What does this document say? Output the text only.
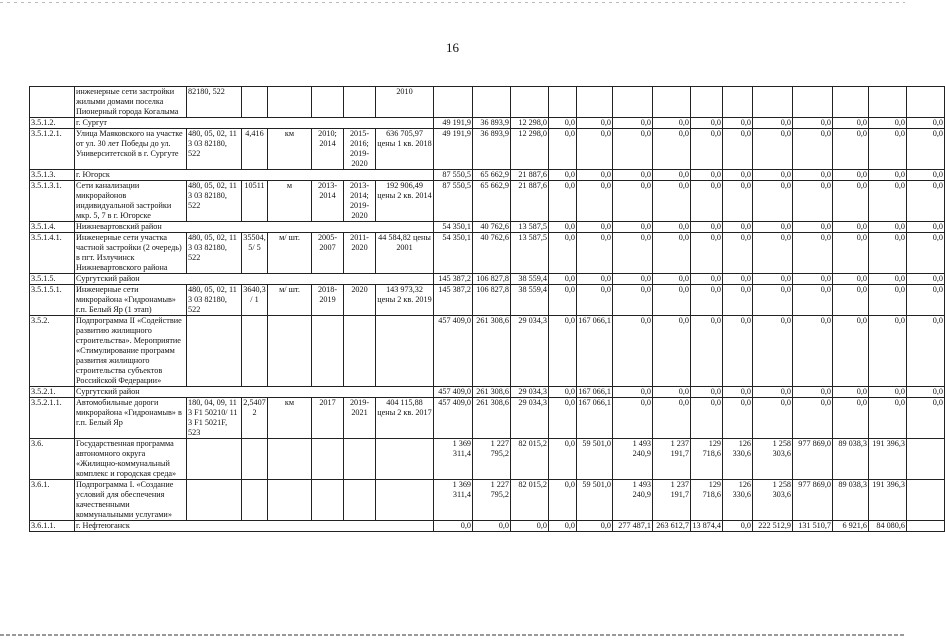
16
	инженерные сети застройки жилыми домами поселка Пионерный города Когалыма	82180, 522					2010															
3.5.1.2.	г. Сургут							49 191,9	36 893,9	12 298,0	0,0	0,0	0,0	0,0	0,0	0,0	0,0	0,0	0,0	0,0	0,0	
3.5.1.2.1.	Улица Маяковского на участке от ул. 30 лет Победы до ул. Университетской в г. Сургуте	480, 05, 02, 11 3 03 82180, 522	4,416	км	2010; 2014	2015-2016; 2019-2020	636 705,97 цены 1 кв. 2018	49 191,9	36 893,9	12 298,0	0,0	0,0	0,0	0,0	0,0	0,0	0,0	0,0	0,0	0,0	0,0	
3.5.1.3.	г. Югорск							87 550,5	65 662,9	21 887,6	0,0	0,0	0,0	0,0	0,0	0,0	0,0	0,0	0,0	0,0	0,0	
3.5.1.3.1.	Сети канализации микрорайонов индивидуальной застройки мкр. 5, 7 в г. Югорске	480, 05, 02, 11 3 03 82180, 522	10511	м	2013-2014	2013-2014; 2019-2020	192 906,49 цены 2 кв. 2014	87 550,5	65 662,9	21 887,6	0,0	0,0	0,0	0,0	0,0	0,0	0,0	0,0	0,0	0,0	0,0	
3.5.1.4.	Нижневартовский район							54 350,1	40 762,6	13 587,5	0,0	0,0	0,0	0,0	0,0	0,0	0,0	0,0	0,0	0,0	0,0	
3.5.1.4.1.	Инженерные сети участка частной застройки (2 очередь) в пгт. Излучинск Нижневартовского района	480, 05, 02, 11 3 03 82180, 522	35504,5/ 5	м/ шт.	2005-2007	2011-2020	44 584,82 цены 2001	54 350,1	40 762,6	13 587,5	0,0	0,0	0,0	0,0	0,0	0,0	0,0	0,0	0,0	0,0	0,0	
3.5.1.5.	Сургутский район							145 387,2	106 827,8	38 559,4	0,0	0,0	0,0	0,0	0,0	0,0	0,0	0,0	0,0	0,0	0,0	
3.5.1.5.1.	Инженерные сети микрорайона «Гидронамыв» г.п. Белый Яр (1 этап)	480, 05, 02, 11 3 03 82180, 522	3640,3 / 1	м/ шт.	2018-2019	2020	143 973,32 цены 2 кв. 2019	145 387,2	106 827,8	38 559,4	0,0	0,0	0,0	0,0	0,0	0,0	0,0	0,0	0,0	0,0	0,0	
3.5.2.	Подпрограмма II «Содействие развитию жилищного строительства». Мероприятие «Стимулирование программ развития жилищного строительства субъектов Российской Федерации»							457 409,0	261 308,6	29 034,3	0,0	167 066,1	0,0	0,0	0,0	0,0	0,0	0,0	0,0	0,0	0,0	
3.5.2.1.	Сургутский район							457 409,0	261 308,6	29 034,3	0,0	167 066,1	0,0	0,0	0,0	0,0	0,0	0,0	0,0	0,0	0,0	
3.5.2.1.1.	Автомобильные дороги микрорайона «Гидронамыв» в г.п. Белый Яр	180, 04, 09, 11 3 F1 50210/ 11 3 F1 5021F, 523	2,54072	км	2017	2019-2021	404 115,88 цены 2 кв. 2017	457 409,0	261 308,6	29 034,3	0,0	167 066,1	0,0	0,0	0,0	0,0	0,0	0,0	0,0	0,0	0,0	
3.6.	Государственная программа автономного округа «Жилищно-коммунальный комплекс и городская среда»							1 369 311,4	1 227 795,2	82 015,2	0,0	59 501,0	1 493 240,9	1 237 191,7	129 718,6	126 330,6	1 258 303,6	977 869,0	89 038,3	191 396,3		
3.6.1.	Подпрограмма I. «Создание условий для обеспечения качественными коммунальными услугами»							1 369 311,4	1 227 795,2	82 015,2	0,0	59 501,0	1 493 240,9	1 237 191,7	129 718,6	126 330,6	1 258 303,6	977 869,0	89 038,3	191 396,3		
3.6.1.1.	г. Нефтеюганск							0,0	0,0	0,0	0,0	0,0	277 487,1	263 612,7	13 874,4	0,0	222 512,9	131 510,7	6 921,6	84 080,6		
